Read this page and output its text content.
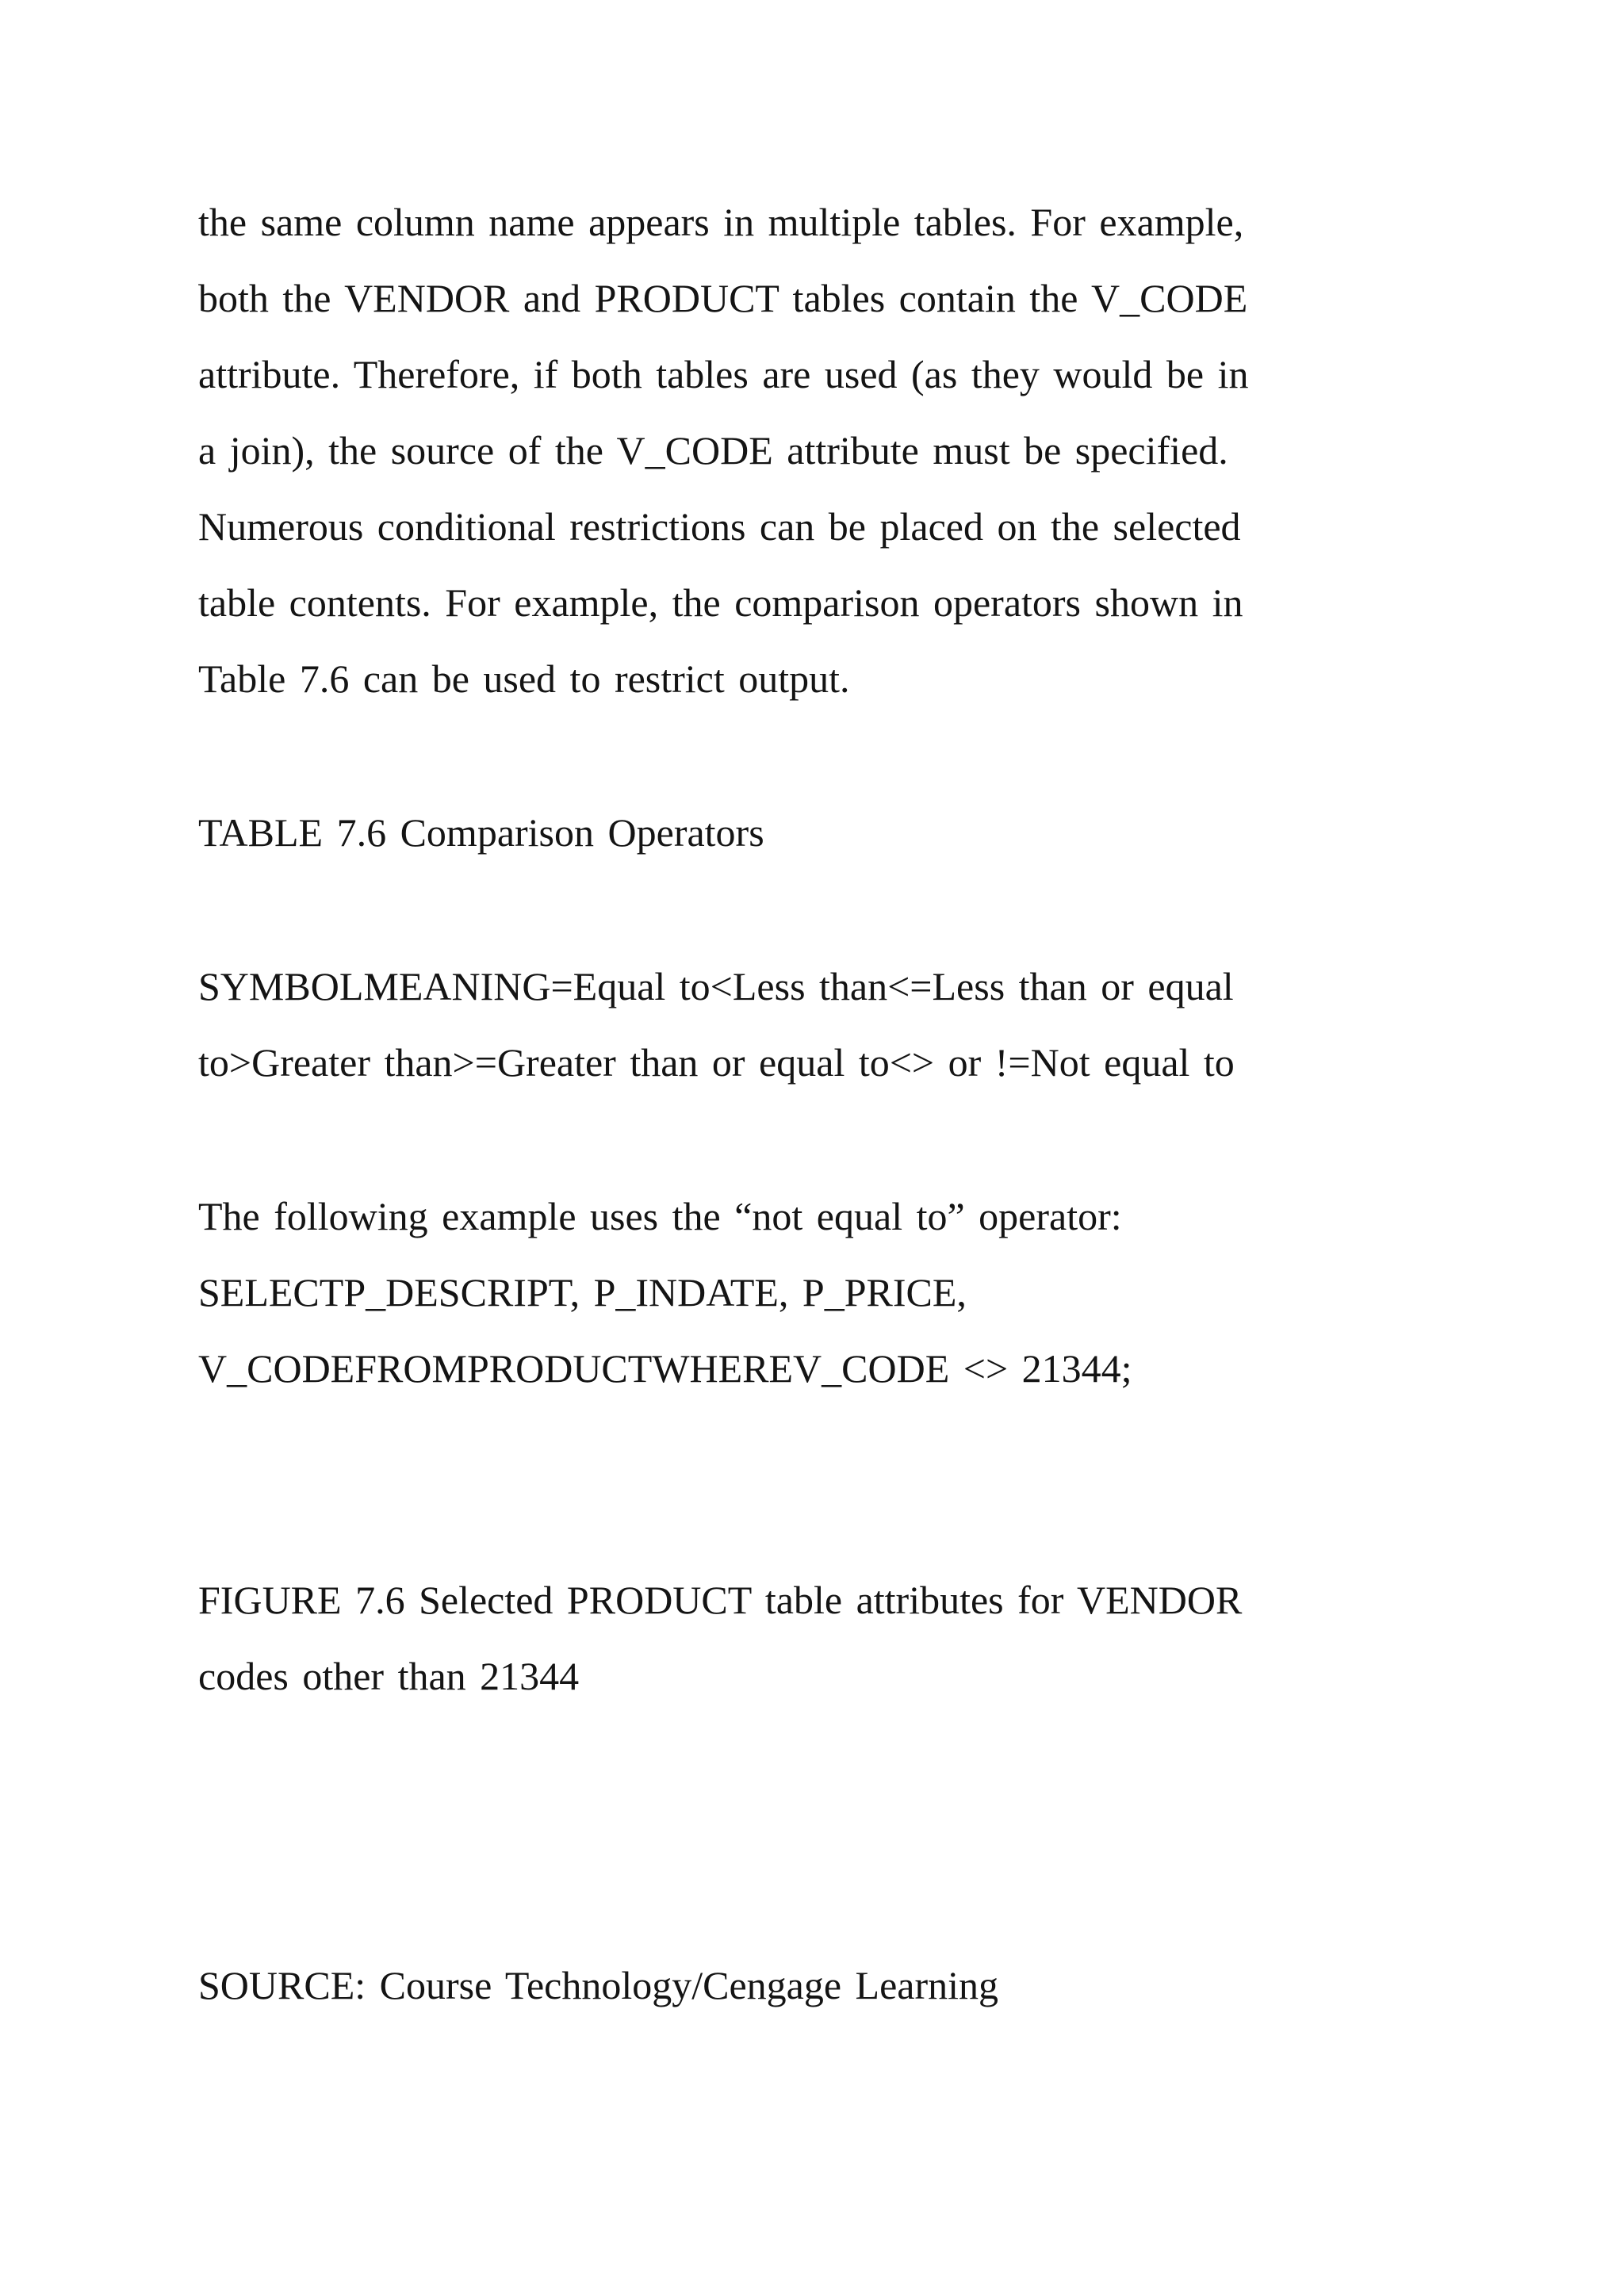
the same column name appears in multiple tables. For example,

both the VENDOR and PRODUCT tables contain the V_CODE

attribute. Therefore, if both tables are used (as they would be in

a join), the source of the V_CODE attribute must be specified.

Numerous conditional restrictions can be placed on the selected

table contents. For example, the comparison operators shown in

Table 7.6 can be used to restrict output.

TABLE 7.6 Comparison Operators

SYMBOLMEANING=Equal to<Less than<=Less than or equal

to>Greater than>=Greater than or equal to<> or !=Not equal to

The following example uses the “not equal to” operator:

SELECTP_DESCRIPT, P_INDATE, P_PRICE,

V_CODEFROMPRODUCTWHEREV_CODE <> 21344;

FIGURE 7.6 Selected PRODUCT table attributes for VENDOR

codes other than 21344

SOURCE: Course Technology/Cengage Learning
